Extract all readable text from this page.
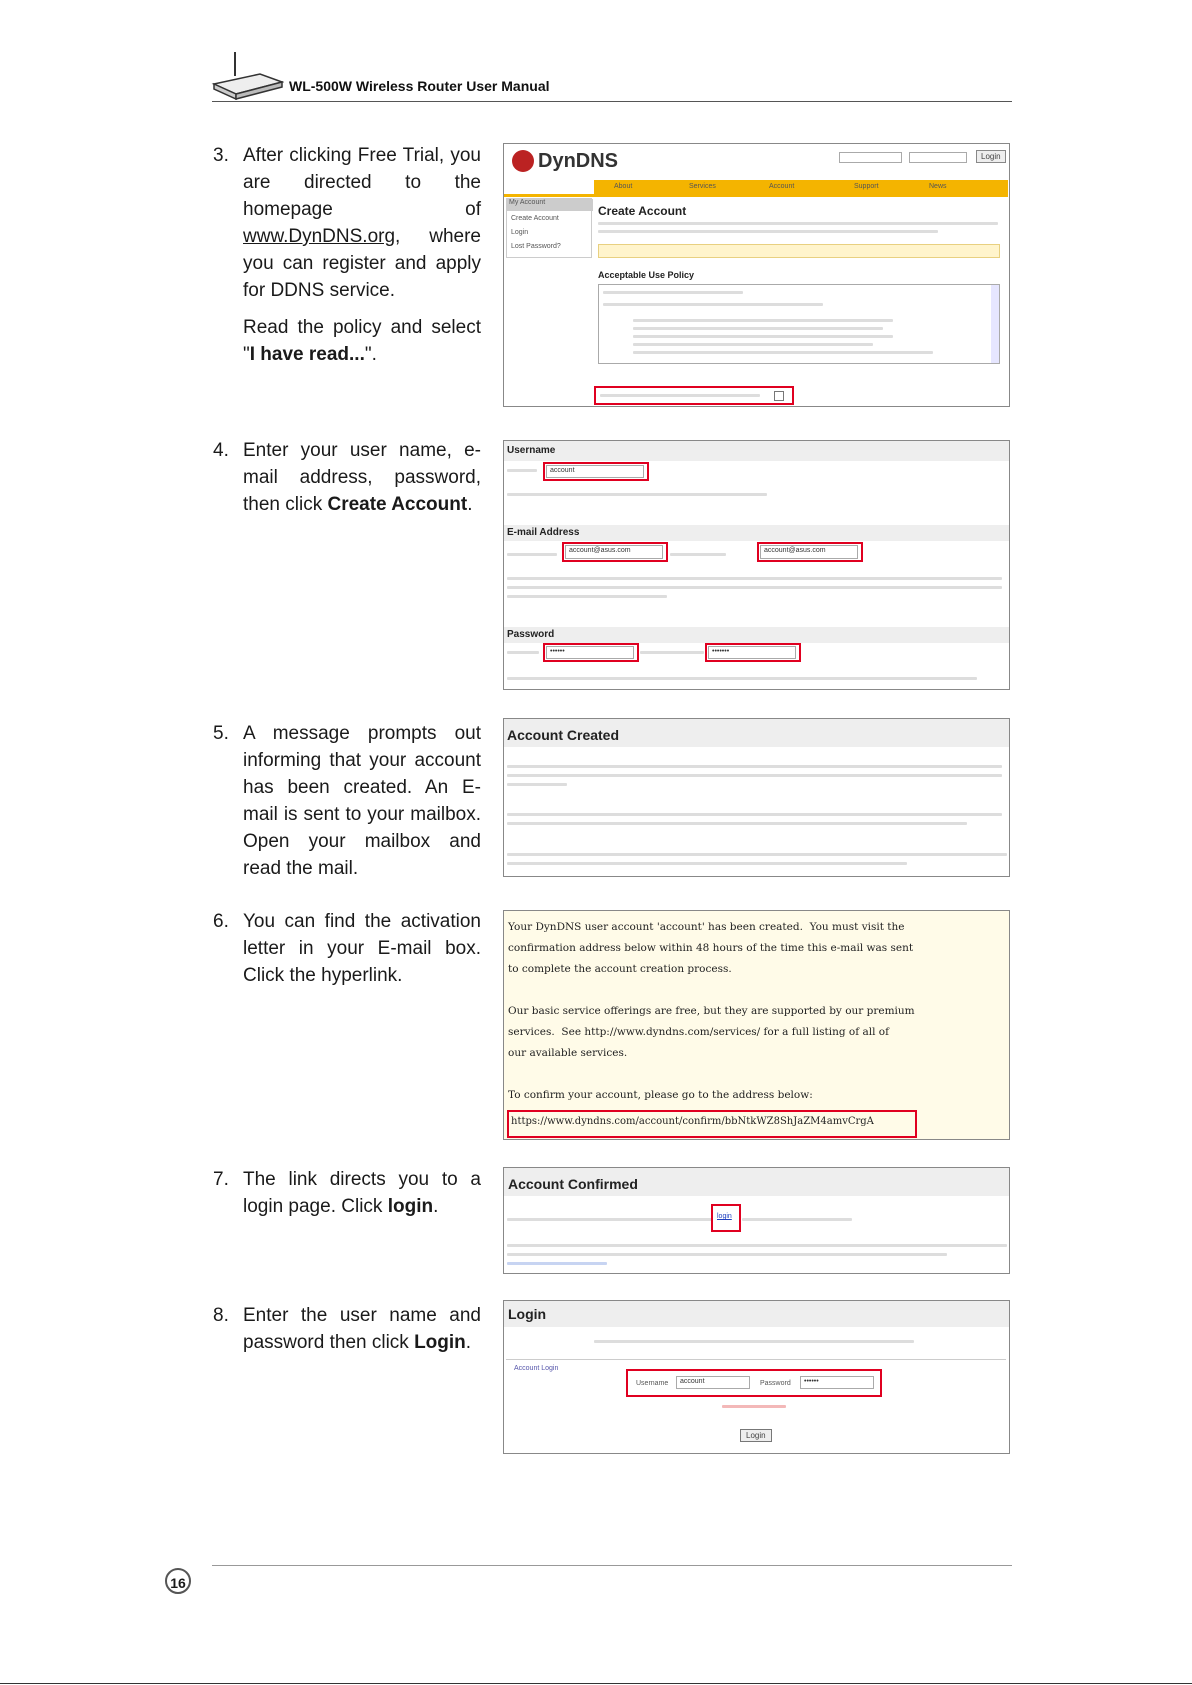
WL-500W Wireless Router User Manual
3. After clicking Free Trial, you are directed to the homepage of www.DynDNS.org, where you can register and apply for DDNS service.

Read the policy and select "I have read...".

DynDNS	Login
About	Services	Account	Support	News
My Account
Create Account
Login
Lost Password?
Create Account
Acceptable Use Policy
4. Enter your user name, e-mail address, password, then click Create Account.

Username
account
E-mail Address
account@asus.com	account@asus.com
Password
••••••	•••••••
5. A message prompts out informing that your account has been created. An E-mail is sent to your mailbox. Open your mailbox and read the mail.

Account Created
6. You can find the activation letter in your E-mail box. Click the hyperlink.

Your DynDNS user account 'account' has been created.  You must visit the
confirmation address below within 48 hours of the time this e-mail was sent
to complete the account creation process.

Our basic service offerings are free, but they are supported by our premium
services.  See http://www.dyndns.com/services/ for a full listing of all of
our available services.

To confirm your account, please go to the address below:
https://www.dyndns.com/account/confirm/bbNtkWZ8ShJaZM4amvCrgA
7. The link directs you to a login page. Click login.

Account Confirmed
login
8. Enter the user name and password then click Login.

Login
Account Login
Username	account	Password	••••••
Login
16
